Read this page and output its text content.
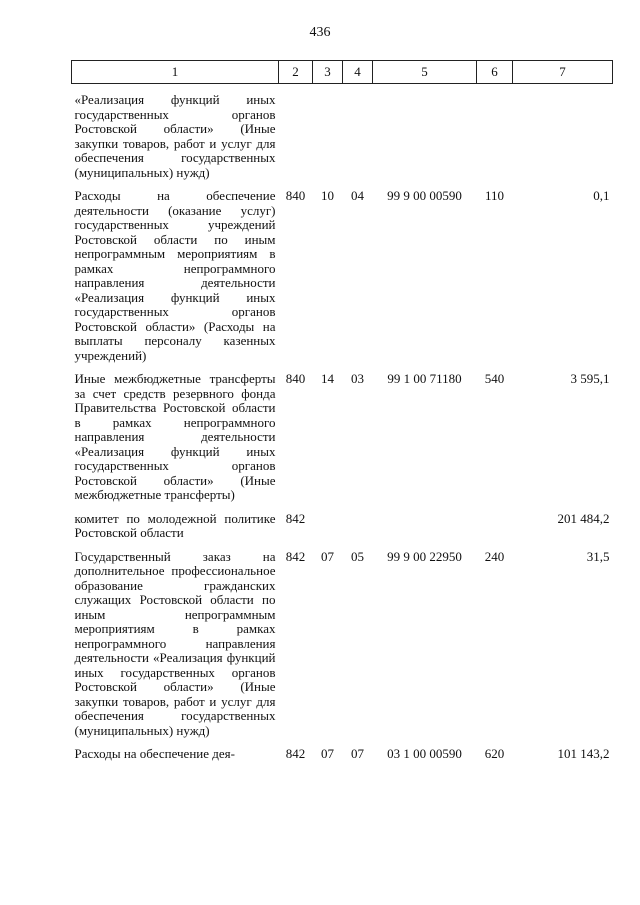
436
1	2	3	4	5	6	7

«Реализация функций иных государственных органов Ростовской области» (Иные закупки товаров, работ и услуг для обеспечения государственных (муниципальных) нужд)						

Расходы на обеспечение деятельности (оказание услуг) государственных учреждений Ростовской области по иным непрограммным мероприятиям в рамках непрограммного направления деятельности «Реализация функций иных государственных органов Ростовской области» (Расходы на выплаты персоналу казенных учреждений)	840	10	04	99 9 00 00590	110	0,1

Иные межбюджетные трансферты за счет средств резервного фонда Правительства Ростовской области в рамках непрограммного направления деятельности «Реализация функций иных государственных органов Ростовской области» (Иные межбюджетные трансферты)	840	14	03	99 1 00 71180	540	3 595,1

комитет по молодежной политике Ростовской области	842					201 484,2

Государственный заказ на дополнительное профессиональное образование гражданских служащих Ростовской области по иным непрограммным мероприятиям в рамках непрограммного направления деятельности «Реализация функций иных государственных органов Ростовской области» (Иные закупки товаров, работ и услуг для обеспечения государственных (муниципальных) нужд)	842	07	05	99 9 00 22950	240	31,5

Расходы на обеспечение дея-	842	07	07	03 1 00 00590	620	101 143,2
